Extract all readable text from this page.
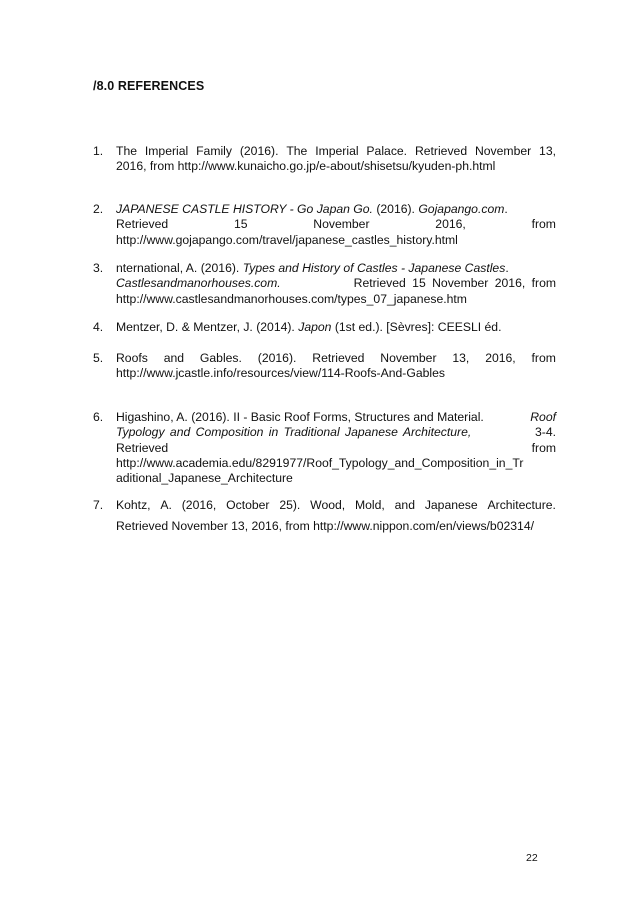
/8.0 REFERENCES
1.	The Imperial Family (2016). The Imperial Palace. Retrieved November 13,
2016, from http://www.kunaicho.go.jp/e-about/shisetsu/kyuden-ph.html
2.	JAPANESE CASTLE HISTORY - Go Japan Go. (2016). Gojapango.com.
Retrieved	15	November	2016,	from
http://www.gojapango.com/travel/japanese_castles_history.html
3.	nternational, A. (2016). Types and History of Castles - Japanese Castles.
Castlesandmanorhouses.com.	Retrieved 15 November 2016, from
http://www.castlesandmanorhouses.com/types_07_japanese.htm
4.	Mentzer, D. & Mentzer, J. (2014). Japon (1st ed.). [Sèvres]: CEESLI éd.
5.	Roofs and Gables. (2016). Retrieved November 13, 2016, from
http://www.jcastle.info/resources/view/114-Roofs-And-Gables
6.	Higashino, A. (2016). II - Basic Roof Forms, Structures and Material.	Roof
Typology and Composition in Traditional Japanese Architecture,	3-4.
Retrieved	from
http://www.academia.edu/8291977/Roof_Typology_and_Composition_in_Tr
aditional_Japanese_Architecture
7.	Kohtz, A. (2016, October 25). Wood, Mold, and Japanese Architecture.
Retrieved November 13, 2016, from http://www.nippon.com/en/views/b02314/
22
